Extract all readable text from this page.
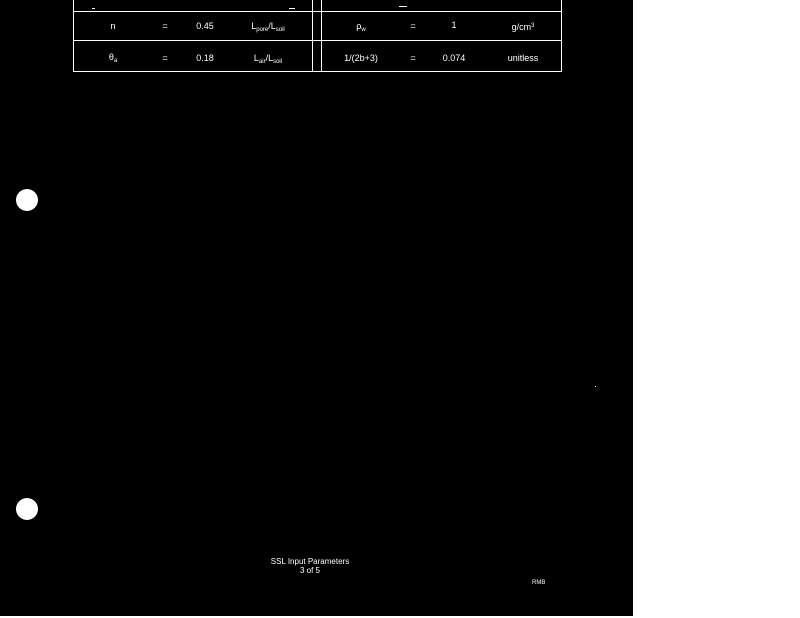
n	=	0.45	$L_{pore}/L_{soil}$	$\rho_w$	=	1	$g/cm^3$
$\theta_a$	=	0.18	$L_{air}/L_{soil}$	1/(2b+3)	=	0.074	unitless
SSL Input Parameters
3 of 5
RMB
